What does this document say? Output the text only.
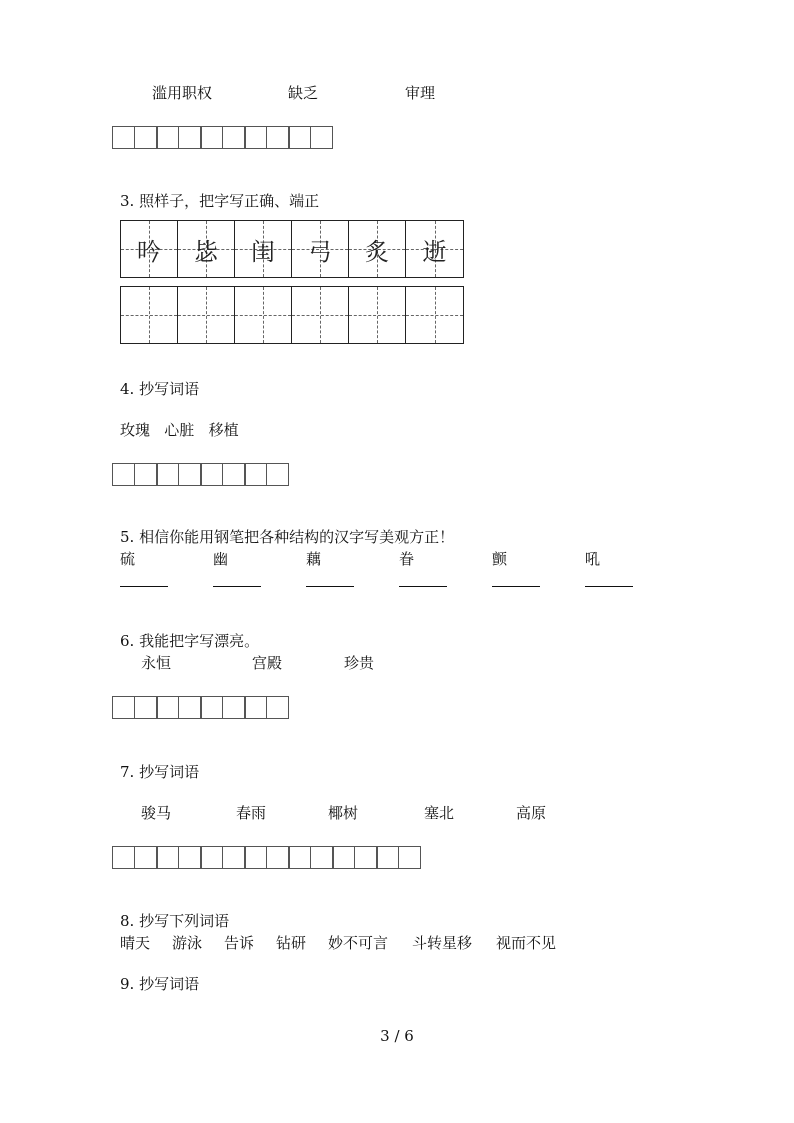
滥用职权	缺乏	审理
3. 照样子，把字写正确、端正
吟	毖	闺	弓	炙	逝
4. 抄写词语
玫瑰   心脏   移植
5. 相信你能用钢笔把各种结构的汉字写美观方正！
硫	幽	藕	眷	颤	吼
6. 我能把字写漂亮。
永恒	宫殿	珍贵
7. 抄写词语
骏马	春雨	椰树	塞北	高原
8. 抄写下列词语
晴天 游泳 告诉 钻研 妙不可言 斗转星移 视而不见
9. 抄写词语
3 / 6
